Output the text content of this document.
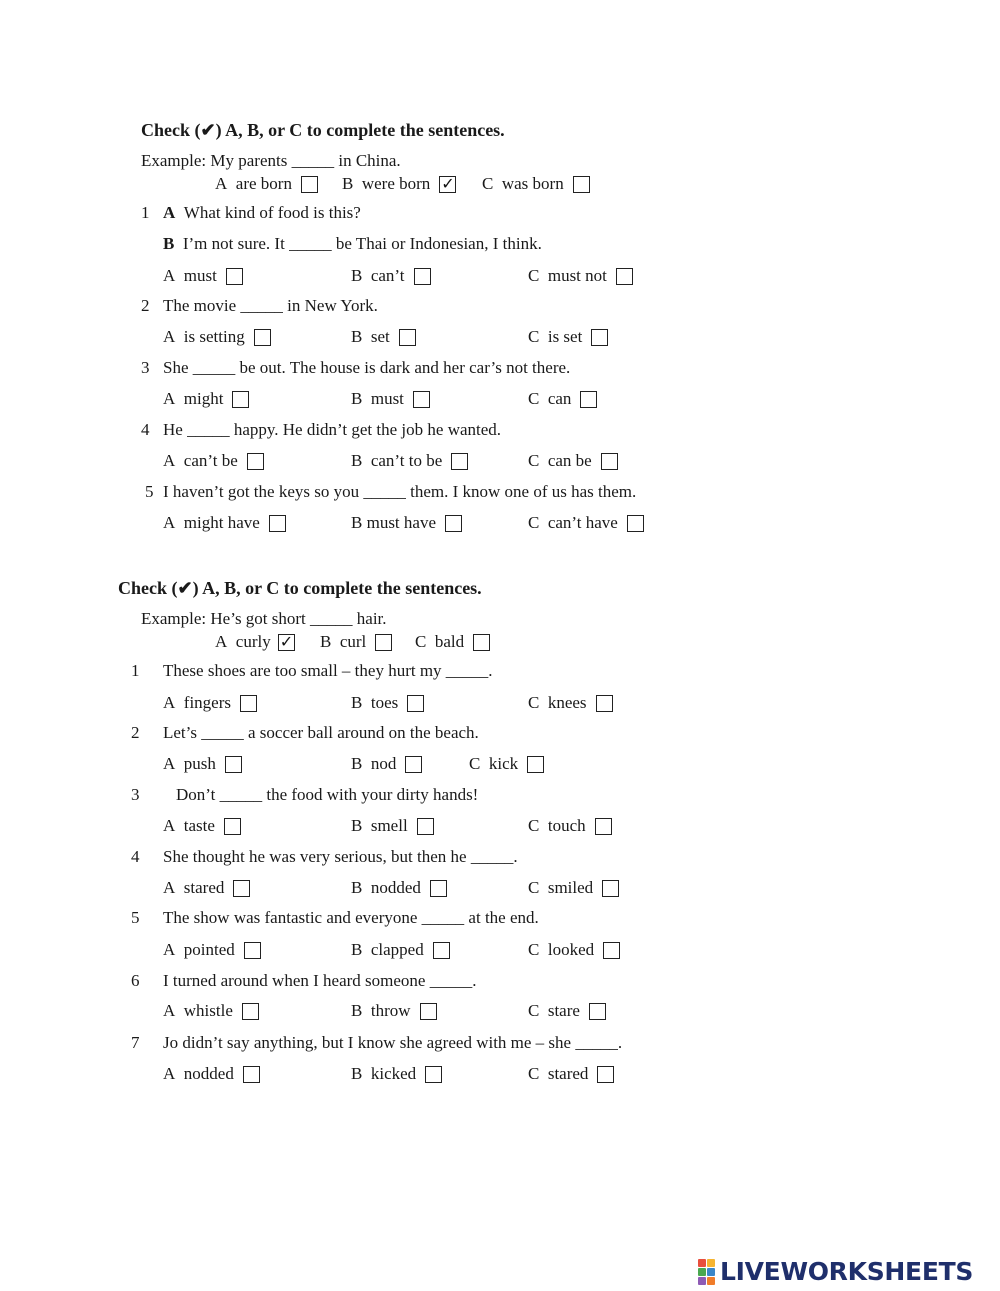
Check (✔) A, B, or C to complete the sentences.
Example: My parents _____ in China.
A
are born	B
were born ✓	C
was born
1 A What kind of food is this?
B I’m not sure. It _____ be Thai or Indonesian, I think.
A
must	B
can’t	C
must not
2 The movie _____ in New York.
A
is setting	B
set	C
is set
3 She _____ be out. The house is dark and her car’s not there.
A
might	B
must	C
can
4 He _____ happy. He didn’t get the job he wanted.
A
can’t be	B
can’t to be	C
can be
5 I haven’t got the keys so you _____ them. I know one of us has them.
A
might have	B
must have	C
can’t have
Check (✔) A, B, or C to complete the sentences.
Example: He’s got short _____ hair.
A
curly ✓	B
curl	C
bald
1 These shoes are too small – they hurt my _____.
A
fingers	B
toes	C
knees
2 Let’s _____ a soccer ball around on the beach.
A
push	B
nod	C
kick
3 Don’t _____ the food with your dirty hands!
A
taste	B
smell	C
touch
4 She thought he was very serious, but then he _____.
A
stared	B
nodded	C
smiled
5 The show was fantastic and everyone _____ at the end.
A
pointed	B
clapped	C
looked
6 I turned around when I heard someone _____.
A
whistle	B
throw	C
stare
7 Jo didn’t say anything, but I know she agreed with me – she _____.
A
nodded	B
kicked	C
stared
LIVEWORKSHEETS
